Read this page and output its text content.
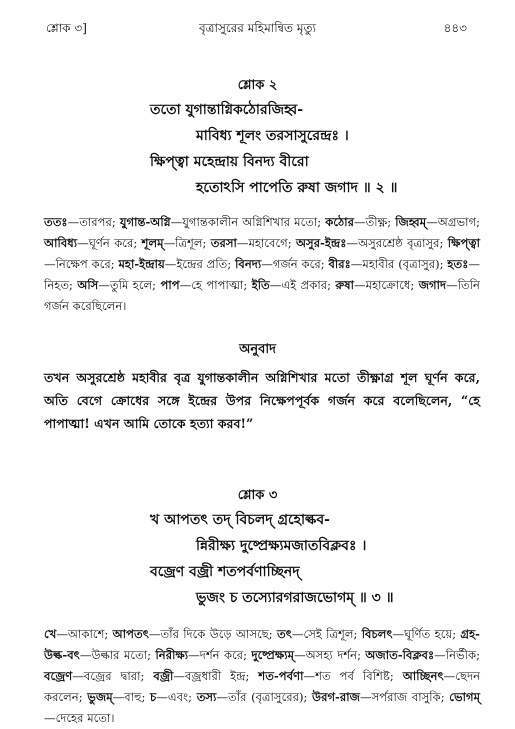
শ্লোক ৩]	বৃত্রাসুরের মহিমান্বিত মৃত্যু	৪৪৩
শ্লোক ২
ততো যুগান্তাগ্নিকঠোরজিহ্ব-
মাবিধ্য শূলং তরসাসুরেন্দ্রঃ ।
ক্ষিপ্ত্বা মহেন্দ্রায় বিনদ্য বীরো
হতোঽসি পাপেতি রুষা জগাদ ॥ ২ ॥
ততঃ—তারপর; যুগান্ত-অগ্নি—যুগান্তকালীন অগ্নিশিখার মতো; কঠোর—তীক্ষ্ণ; জিহ্বম্—অগ্রভাগ; আবিধ্য—ঘূর্ণন করে; শূলম্—ত্রিশূল; তরসা—মহাবেগে; অসুর-ইন্দ্রঃ—অসুরশ্রেষ্ঠ বৃত্রাসুর; ক্ষিপ্ত্বা—নিক্ষেপ করে; মহা-ইন্দ্রায়—ইন্দ্রের প্রতি; বিনদ্য—গর্জন করে; বীরঃ—মহাবীর (বৃত্রাসুর); হতঃ—নিহত; অসি—তুমি হলে; পাপ—হে পাপাত্মা; ইতি—এই প্রকার; রুষা—মহাক্রোধে; জগাদ—তিনি গর্জন করেছিলেন।
অনুবাদ
তখন অসুরশ্রেষ্ঠ মহাবীর বৃত্র যুগান্তকালীন অগ্নিশিখার মতো তীক্ষ্ণাগ্র শূল ঘূর্ণন করে, অতি বেগে ক্রোধের সঙ্গে ইন্দ্রের উপর নিক্ষেপপূর্বক গর্জন করে বলেছিলেন, “হে পাপাত্মা! এখন আমি তোকে হত্যা করব!”
শ্লোক ৩
খ আপতৎ তদ্ বিচলদ্ গ্রহোল্কব-
ন্নিরীক্ষ্য দুষ্প্রেক্ষ্যমজাতবিক্লবঃ ।
বজ্রেণ বজ্রী শতপর্বণাচ্ছিনদ্
ভুজং চ তস্যোরগরাজভোগম্ ॥ ৩ ॥
খে—আকাশে; আপতৎ—তাঁর দিকে উড়ে আসছে; তৎ—সেই ত্রিশূল; বিচলৎ—ঘূর্ণিত হয়ে; গ্রহ-উল্ক-বৎ—উল্কার মতো; নিরীক্ষ্য—দর্শন করে; দুষ্প্রেক্ষ্যম্—অসহ্য দর্শন; অজাত-বিক্লবঃ—নির্ভীক; বজ্রেণ—বজ্রের দ্বারা; বজ্রী—বজ্রধারী ইন্দ্র; শত-পর্বণা—শত পর্ব বিশিষ্ট; আচ্ছিনৎ—ছেদন করলেন; ভুজম্—বাহু; চ—এবং; তস্য—তাঁর (বৃত্রাসুরের); উরগ-রাজ—সর্পরাজ বাসুকি; ভোগম্—দেহের মতো।
